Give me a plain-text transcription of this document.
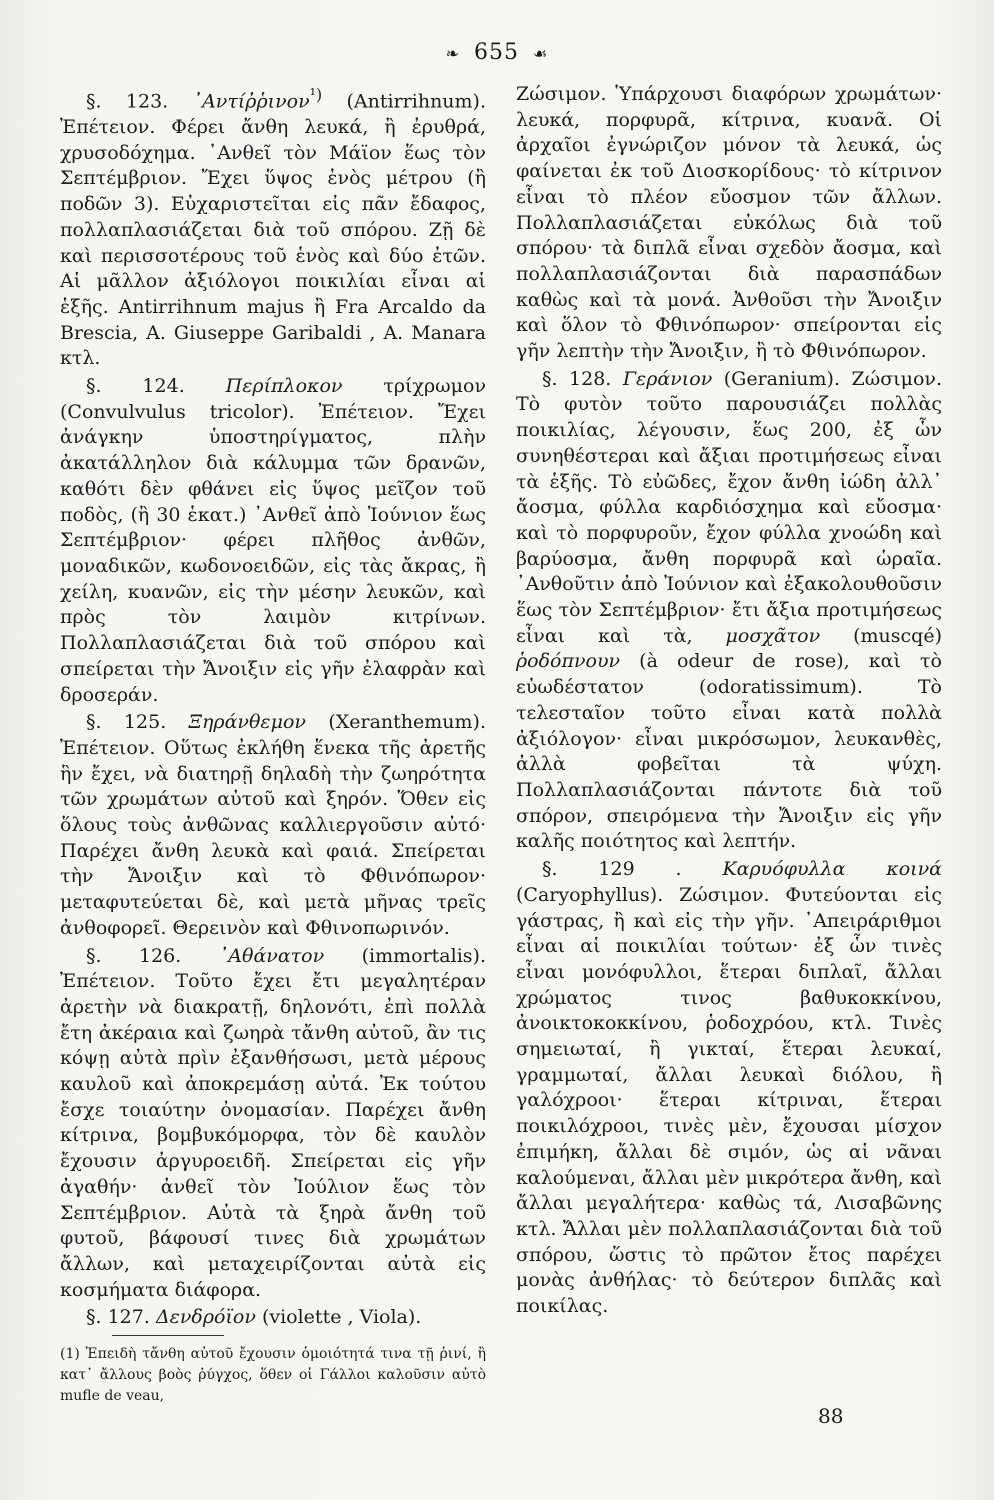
❧ 655 ☙

§. 123. ᾽Αντίῤῥινον$^{^1)}$ (Antirrihnum). Ἐπέτειον. Φέρει ἄνθη λευκά, ἢ ἐρυθρά, χρυσοδόχημα. ᾽Ανθεῖ τὸν Μάϊον ἕως τὸν Σεπτέμβριον. Ἔχει ὕψος ἑνὸς μέτρου (ἢ ποδῶν 3). Εὐχαριστεῖται εἰς πᾶν ἔδαφος, πολλαπλασιάζεται διὰ τοῦ σπόρου. Ζῇ δὲ καὶ περισσοτέρους τοῦ ἑνὸς καὶ δύο ἐτῶν. Αἱ μᾶλλον ἀξιόλογοι ποικιλίαι εἶναι αἱ ἑξῆς. Antirrihnum majus ἢ Fra Arcaldo da Brescia, A. Giuseppe Garibaldi , A. Manara κτλ.

§. 124. Περίπλοκον τρίχρωμον (Convulvulus tricolor). Ἐπέτειον. Ἔχει ἀνάγκην ὑποστηρίγματος, πλὴν ἀκατάλληλον διὰ κάλυμμα τῶν δρανῶν, καθότι δὲν φθάνει εἰς ὕψος μεῖζον τοῦ ποδὸς, (ἢ 30 ἑκατ.) ᾽Ανθεῖ ἀπὸ Ἰούνιον ἕως Σεπτέμβριον· φέρει πλῆθος ἀνθῶν, μοναδικῶν, κωδονοειδῶν, εἰς τὰς ἄκρας, ἢ χείλη, κυανῶν, εἰς τὴν μέσην λευκῶν, καὶ πρὸς τὸν λαιμὸν κιτρίνων. Πολλαπλασιάζεται διὰ τοῦ σπόρου καὶ σπείρεται τὴν Ἄνοιξιν εἰς γῆν ἐλαφρὰν καὶ δροσεράν.

§. 125. Ξηράνθεμον (Xeranthemum). Ἐπέτειον. Οὕτως ἐκλήθη ἕνεκα τῆς ἀρετῆς ἣν ἔχει, νὰ διατηρῇ δηλαδὴ τὴν ζωηρότητα τῶν χρωμάτων αὐτοῦ καὶ ξηρόν. Ὅθεν εἰς ὅλους τοὺς ἀνθῶνας καλλιεργοῦσιν αὐτό· Παρέχει ἄνθη λευκὰ καὶ φαιά. Σπείρεται τὴν Ἄνοιξιν καὶ τὸ Φθινόπωρον· μεταφυτεύεται δὲ, καὶ μετὰ μῆνας τρεῖς ἀνθοφορεῖ. Θερεινὸν καὶ Φθινοπωρινόν.

§. 126. ᾽Αθάνατον (immortalis). Ἐπέτειον. Τοῦτο ἔχει ἔτι μεγαλητέραν ἀρετὴν νὰ διακρατῇ, δηλονότι, ἐπὶ πολλὰ ἔτη ἀκέραια καὶ ζωηρὰ τἄνθη αὐτοῦ, ἂν τις κόψῃ αὐτὰ πρὶν ἐξανθήσωσι, μετὰ μέρους καυλοῦ καὶ ἀποκρεμάσῃ αὐτά. Ἐκ τούτου ἔσχε τοιαύτην ὀνομασίαν. Παρέχει ἄνθη κίτρινα, βομβυκόμορφα, τὸν δὲ καυλὸν ἔχουσιν ἀργυροειδῆ. Σπείρεται εἰς γῆν ἀγαθήν· ἀνθεῖ τὸν Ἰούλιον ἕως τὸν Σεπτέμβριον. Αὐτὰ τὰ ξηρὰ ἄνθη τοῦ φυτοῦ, βάφουσί τινες διὰ χρωμάτων ἄλλων, καὶ μεταχειρίζονται αὐτὰ εἰς κοσμήματα διάφορα.

§. 127. Δενδρόϊον (violette , Viola).

Ζώσιμον. Ὑπάρχουσι διαφόρων χρωμάτων· λευκά, πορφυρᾶ, κίτρινα, κυανᾶ. Οἱ ἀρχαῖοι ἐγνώριζον μόνον τὰ λευκά, ὡς φαίνεται ἐκ τοῦ Διοσκορίδους· τὸ κίτρινον εἶναι τὸ πλέον εὔοσμον τῶν ἄλλων. Πολλαπλασιάζεται εὐκόλως διὰ τοῦ σπόρου· τὰ διπλᾶ εἶναι σχεδὸν ἄοσμα, καὶ πολλαπλασιάζονται διὰ παρασπάδων καθὼς καὶ τὰ μονά. Ἀνθοῦσι τὴν Ἄνοιξιν καὶ ὅλον τὸ Φθινόπωρον· σπείρονται εἰς γῆν λεπτὴν τὴν Ἄνοιξιν, ἢ τὸ Φθινόπωρον.

§. 128. Γεράνιον (Geranium). Ζώσιμον. Τὸ φυτὸν τοῦτο παρουσιάζει πολλὰς ποικιλίας, λέγουσιν, ἕως 200, ἐξ ὧν συνηθέστεραι καὶ ἄξιαι προτιμήσεως εἶναι τὰ ἑξῆς. Τὸ εὐῶδες, ἔχον ἄνθη ἰώδη ἀλλ᾽ ἄοσμα, φύλλα καρδιόσχημα καὶ εὔοσμα· καὶ τὸ πορφυροῦν, ἔχον φύλλα χνοώδη καὶ βαρύοσμα, ἄνθη πορφυρᾶ καὶ ὡραῖα. ᾽Ανθοῦτιν ἀπὸ Ἰούνιον καὶ ἐξακολουθοῦσιν ἕως τὸν Σεπτέμβριον· ἔτι ἄξια προτιμήσεως εἶναι καὶ τὰ, μοσχᾶτον (muscqé) ῥοδόπνουν (à odeur de rose), καὶ τὸ εὐωδέστατον (odoratissimum). Τὸ τελεσταῖον τοῦτο εἶναι κατὰ πολλὰ ἀξιόλογον· εἶναι μικρόσωμον, λευκανθὲς, ἀλλὰ φοβεῖται τὰ ψύχη. Πολλαπλασιάζονται πάντοτε διὰ τοῦ σπόρον, σπειρόμενα τὴν Ἄνοιξιν εἰς γῆν καλῆς ποιότητος καὶ λεπτήν.

§. 129 . Καρυόφυλλα κοινά (Caryophyllus). Ζώσιμον. Φυτεύονται εἰς γάστρας, ἢ καὶ εἰς τὴν γῆν. ᾽Απειράριθμοι εἶναι αἱ ποικιλίαι τούτων· ἐξ ὧν τινὲς εἶναι μονόφυλλοι, ἕτεραι διπλαῖ, ἄλλαι χρώματος τινος βαθυκοκκίνου, ἀνοικτοκοκκίνου, ῥοδοχρόου, κτλ. Τινὲς σημειωταί, ἢ γικταί, ἕτεραι λευκαί, γραμμωταί, ἄλλαι λευκαὶ διόλου, ἢ γαλόχροοι· ἕτεραι κίτριναι, ἕτεραι ποικιλόχροοι, τινὲς μὲν, ἔχουσαι μίσχον ἐπιμήκη, ἄλλαι δὲ σιμόν, ὡς αἱ νᾶναι καλούμεναι, ἄλλαι μὲν μικρότερα ἄνθη, καὶ ἄλλαι μεγαλήτερα· καθὼς τά, Λισαβῶνης κτλ. Ἄλλαι μὲν πολλαπλασιάζονται διὰ τοῦ σπόρου, ὥστις τὸ πρῶτον ἔτος παρέχει μονὰς ἀνθήλας· τὸ δεύτερον διπλᾶς καὶ ποικίλας.

(1) Ἐπειδὴ τἄνθη αὐτοῦ ἔχουσιν ὁμοιότητά τινα τῇ ῥινί, ἢ κατ᾽ ἄλλους βοὸς ῥύγχος, ὅθεν οἱ Γάλλοι καλοῦσιν αὐτὸ mufle de veau,
88
